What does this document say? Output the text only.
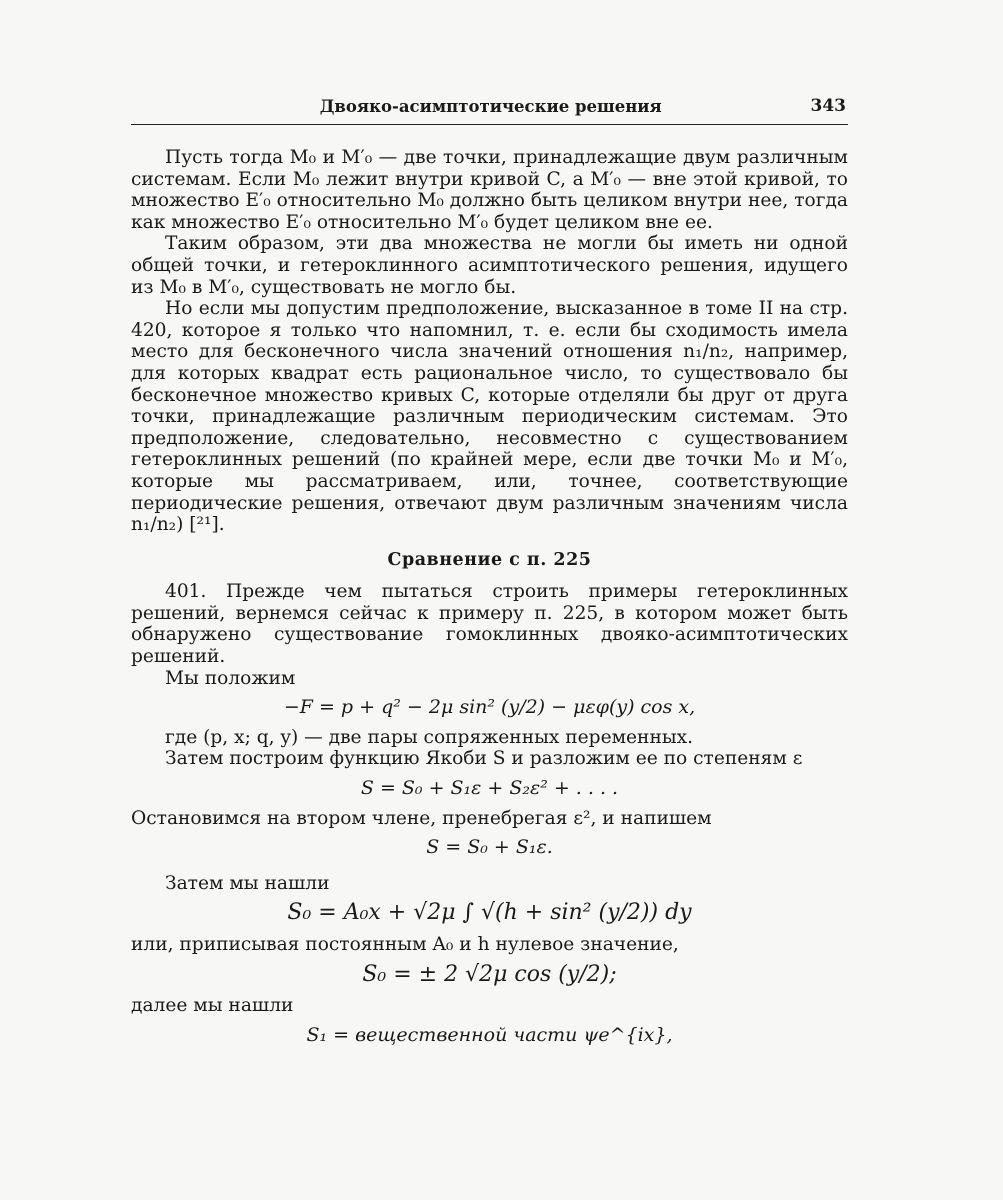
Двояко-асимптотические решения	343

Пусть тогда M₀ и M′₀ — две точки, принадлежащие двум различным системам. Если M₀ лежит внутри кривой C, а M′₀ — вне этой кривой, то множество E′₀ относительно M₀ должно быть целиком внутри нее, тогда как множество E′₀ относительно M′₀ будет целиком вне ее.

Таким образом, эти два множества не могли бы иметь ни одной общей точки, и гетероклинного асимптотического решения, идущего из M₀ в M′₀, существовать не могло бы.

Но если мы допустим предположение, высказанное в томе II на стр. 420, которое я только что напомнил, т. е. если бы сходимость имела место для бесконечного числа значений отношения n₁/n₂, например, для которых квадрат есть рациональное число, то существовало бы бесконечное множество кривых C, которые отделяли бы друг от друга точки, принадлежащие различным периодическим системам. Это предположение, следовательно, несовместно с существованием гетероклинных решений (по крайней мере, если две точки M₀ и M′₀, которые мы рассматриваем, или, точнее, соответствующие периодические решения, отвечают двум различным значениям числа n₁/n₂) [²¹].

Сравнение с п. 225

401. Прежде чем пытаться строить примеры гетероклинных решений, вернемся сейчас к примеру п. 225, в котором может быть обнаружено существование гомоклинных двояко-асимптотических решений.

Мы положим

−F = p + q² − 2μ sin² (y/2) − μεφ(y) cos x,

где (p, x; q, y) — две пары сопряженных переменных.

Затем построим функцию Якоби S и разложим ее по степеням ε

S = S₀ + S₁ε + S₂ε² + . . . .

Остановимся на втором члене, пренебрегая ε², и напишем

S = S₀ + S₁ε.

Затем мы нашли

S₀ = A₀x + √2μ ∫ √(h + sin² (y/2)) dy

или, приписывая постоянным A₀ и h нулевое значение,

S₀ = ± 2 √2μ cos (y/2);

далее мы нашли

S₁ = вещественной части ψe^{ix},
